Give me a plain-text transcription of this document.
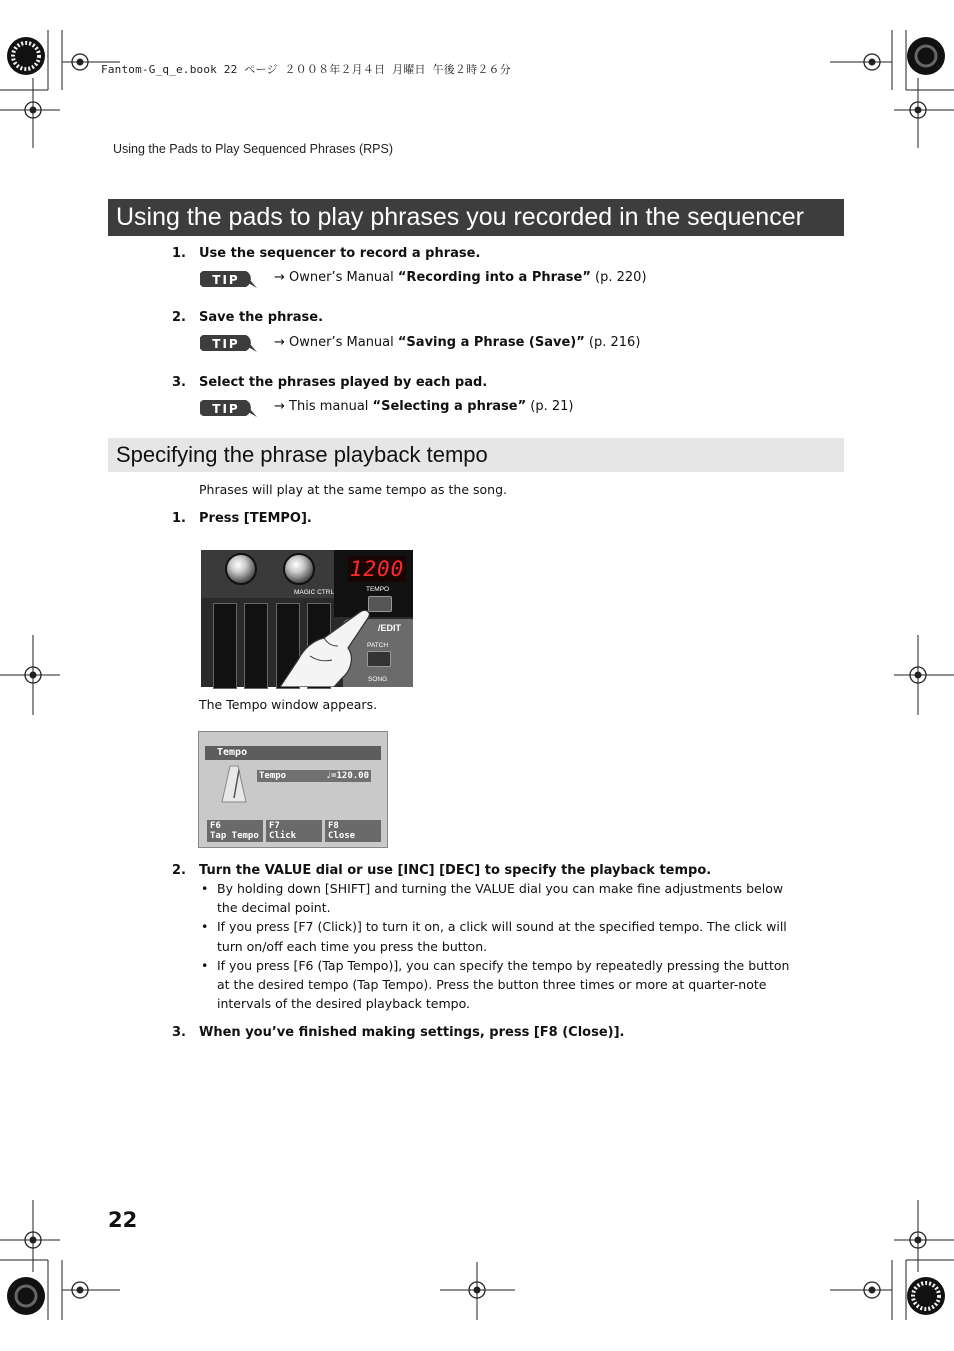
Fantom-G_q_e.book 22 ページ ２００８年２月４日 月曜日 午後２時２６分
Using the Pads to Play Sequenced Phrases (RPS)
Using the pads to play phrases you recorded in the sequencer
1. Use the sequencer to record a phrase.
TIP	→ Owner’s Manual “Recording into a Phrase” (p. 220)
2. Save the phrase.
TIP	→ Owner’s Manual “Saving a Phrase (Save)” (p. 216)
3. Select the phrases played by each pad.
TIP	→ This manual “Selecting a phrase” (p. 21)
Specifying the phrase playback tempo
Phrases will play at the same tempo as the song.
1. Press [TEMPO].
MAGIC CTRL
1200
TEMPO
/EDIT
PATCH
SONG
The Tempo window appears.
Tempo
Tempo	♩=120.00
F6
Tap Tempo
F7
Click
F8
Close
2. Turn the VALUE dial or use [INC] [DEC] to specify the playback tempo.

• By holding down [SHIFT] and turning the VALUE dial you can make fine adjustments below the decimal point.

• If you press [F7 (Click)] to turn it on, a click will sound at the specified tempo. The click will turn on/off each time you press the button.

• If you press [F6 (Tap Tempo)], you can specify the tempo by repeatedly pressing the button at the desired tempo (Tap Tempo). Press the button three times or more at quarter-note intervals of the desired playback tempo.

3. When you’ve finished making settings, press [F8 (Close)].
22
